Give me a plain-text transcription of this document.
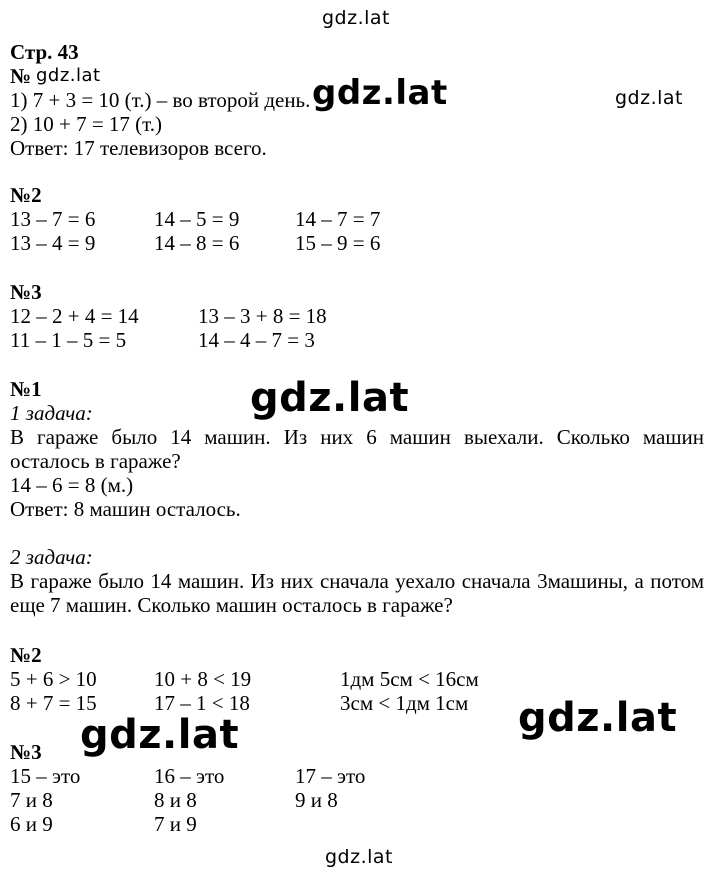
gdz.lat
gdz.lat
gdz.lat
Стр. 43
№ gdz.lat
1) 7 + 3 = 10 (т.) – во второй день. gdz.lat
2) 10 + 7 = 17 (т.)
Ответ: 17 телевизоров всего.
№2
13 – 7 = 6	14 – 5 = 9	14 – 7 = 7
13 – 4 = 9	14 – 8 = 6	15 – 9 = 6
№3
12 – 2 + 4 = 14	13 – 3 + 8 = 18
11 – 1 – 5 = 5	14 – 4 – 7 = 3
№1	gdz.lat
1 задача:
В гараже было 14 машин. Из них 6 машин выехали. Сколько машин
осталось в гараже?
14 – 6 = 8 (м.)
Ответ: 8 машин осталось.
2 задача:
В гараже было 14 машин. Из них сначала уехало сначала 3машины, а потом
еще 7 машин. Сколько машин осталось в гараже?
№2
5 + 6 > 10	10 + 8 < 19	1дм 5см < 16см
8 + 7 = 15	17 – 1 < 18	3см < 1дм 1см gdz.lat
№3 gdz.lat
15 – это	16 – это	17 – это
7 и 8	8 и 8	9 и 8
6 и 9	7 и 9
